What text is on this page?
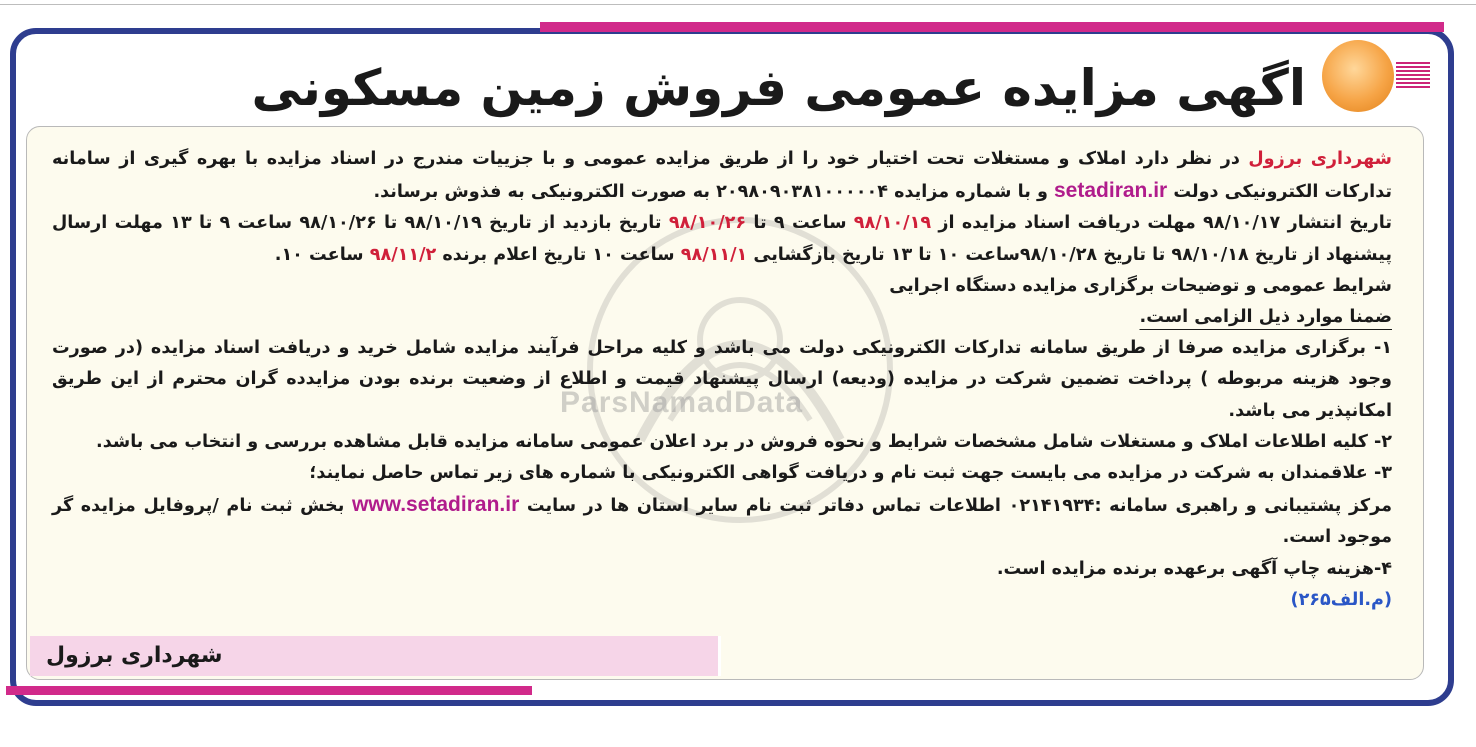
اگهی مزایده عمومی فروش زمین مسکونی
ParsNamadData

شهرداری برزول در نظر دارد املاک و مستغلات تحت اختیار خود را از طریق مزایده عمومی و با جزییات مندرج در اسناد مزایده با بهره گیری از سامانه تدارکات الکترونیکی دولت setadiran.ir و با شماره مزایده ۲۰۹۸۰۹۰۳۸۱۰۰۰۰۰۴ به صورت الکترونیکی به فذوش برساند.

تاریخ انتشار ۹۸/۱۰/۱۷ مهلت دریافت اسناد مزایده از ۹۸/۱۰/۱۹ ساعت ۹ تا ۹۸/۱۰/۲۶ تاریخ بازدید از تاریخ ۹۸/۱۰/۱۹ تا ۹۸/۱۰/۲۶ ساعت ۹ تا ۱۳ مهلت ارسال پیشنهاد از تاریخ ۹۸/۱۰/۱۸ تا تاریخ ۹۸/۱۰/۲۸ساعت ۱۰ تا ۱۳ تاریخ بازگشایی ۹۸/۱۱/۱ ساعت ۱۰ تاریخ اعلام برنده ۹۸/۱۱/۲ ساعت ۱۰.

شرایط عمومی و توضیحات برگزاری مزایده دستگاه اجرایی

ضمنا موارد ذیل الزامی است.

۱- برگزاری مزایده صرفا از طریق سامانه تدارکات الکترونیکی دولت می باشد و کلیه مراحل فرآیند مزایده شامل خرید و دریافت اسناد مزایده (در صورت وجود هزینه مربوطه ) پرداخت تضمین شرکت در مزایده (ودیعه) ارسال پیشنهاد قیمت و اطلاع از وضعیت برنده بودن مزایدده گران محترم از این طریق امکانپذیر می باشد.

۲- کلیه اطلاعات املاک و مستغلات شامل مشخصات شرایط و نحوه فروش در برد اعلان عمومی سامانه مزایده قابل مشاهده بررسی و انتخاب می باشد.

۳- علاقمندان به شرکت در مزایده می بایست جهت ثبت نام و دریافت گواهی الکترونیکی با شماره های زیر تماس حاصل نمایند؛

مرکز پشتیبانی و راهبری سامانه :۰۲۱۴۱۹۳۴ اطلاعات تماس دفاتر ثبت نام سایر استان ها در سایت www.setadiran.ir بخش ثبت نام /پروفایل مزایده گر موجود است.

۴-هزینه چاپ آگهی برعهده برنده مزایده است.

(م.الف۲۶۵)

شهرداری برزول
